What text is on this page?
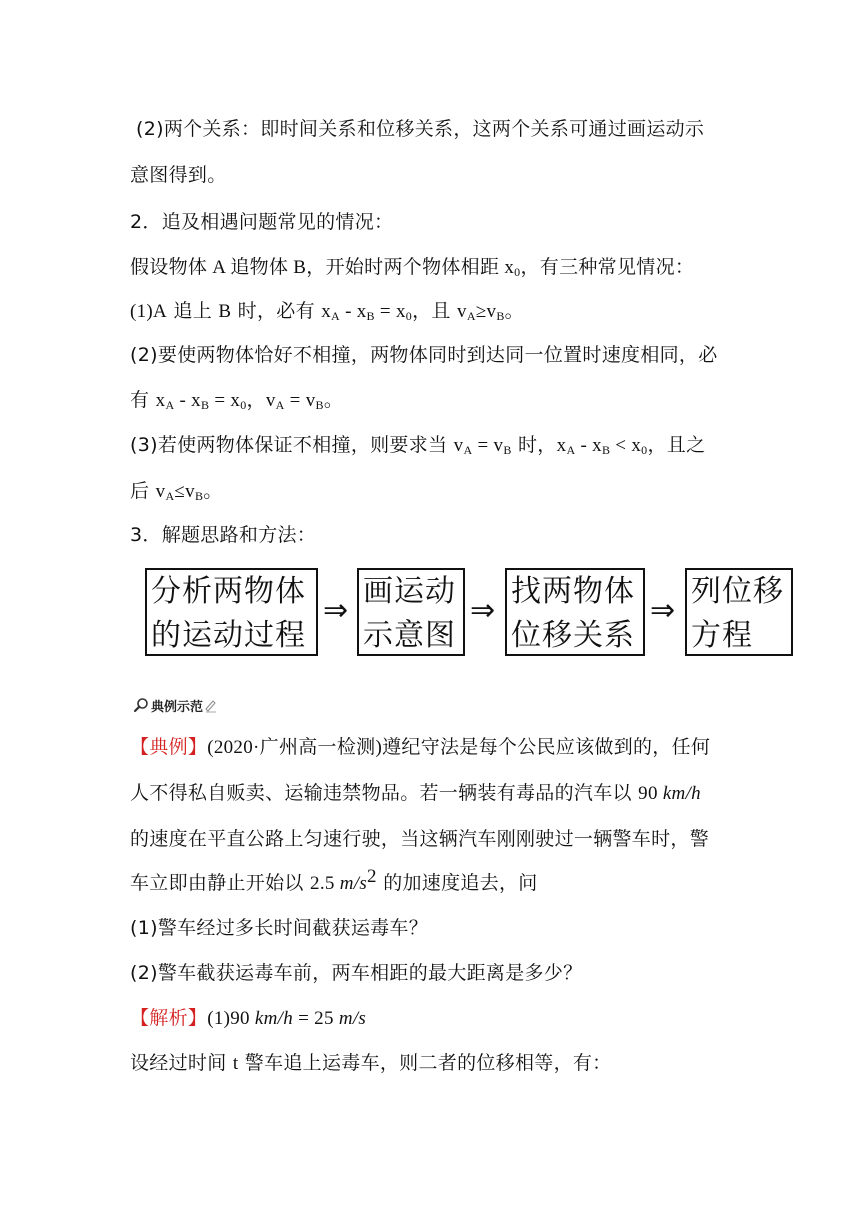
(2)两个关系：即时间关系和位移关系，这两个关系可通过画运动示
意图得到。
2．追及相遇问题常见的情况：
假设物体 A 追物体 B，开始时两个物体相距 $x_0$，有三种常见情况：
(1)A 追上 B 时，必有 $x_A - x_B = x_0$，且 $v_A\ge v_B$。
(2)要使两物体恰好不相撞，两物体同时到达同一位置时速度相同，必
有 $x_A - x_B = x_0$，$v_A = v_B$。
(3)若使两物体保证不相撞，则要求当 $v_A = v_B$ 时，$x_A - x_B < x_0$，且之
后 $v_A\le v_B$。
3．解题思路和方法：
分析两物体
的运动过程
⇒
画运动
示意图
⇒
找两物体
位移关系
⇒
列位移
方程
典例示范
【典例】(2020·广州高一检测)遵纪守法是每个公民应该做到的，任何
人不得私自贩卖、运输违禁物品。若一辆装有毒品的汽车以 90 km/h
的速度在平直公路上匀速行驶，当这辆汽车刚刚驶过一辆警车时，警
车立即由静止开始以 2.5 $m/s^2$ 的加速度追去，问
(1)警车经过多长时间截获运毒车？
(2)警车截获运毒车前，两车相距的最大距离是多少？
【解析】(1)90 km/h = 25 m/s
设经过时间 t 警车追上运毒车，则二者的位移相等，有：
